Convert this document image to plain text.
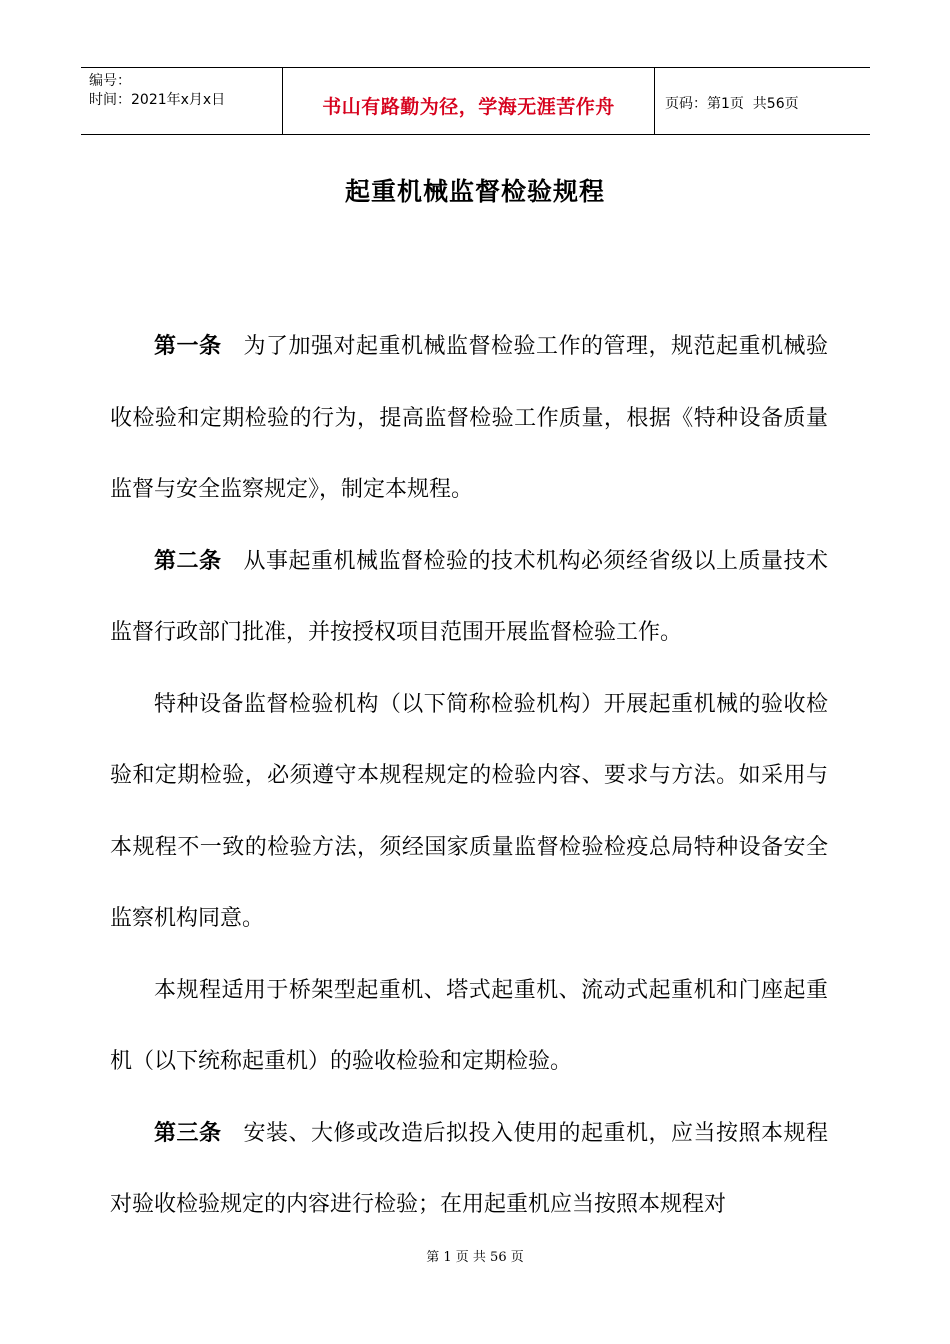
编号：
时间：2021年x月x日	书山有路勤为径，学海无涯苦作舟	页码：第1页  共56页
起重机械监督检验规程

第一条 为了加强对起重机械监督检验工作的管理，规范起重机械验收检验和定期检验的行为，提高监督检验工作质量，根据《特种设备质量监督与安全监察规定》，制定本规程。

第二条 从事起重机械监督检验的技术机构必须经省级以上质量技术监督行政部门批准，并按授权项目范围开展监督检验工作。

特种设备监督检验机构（以下简称检验机构）开展起重机械的验收检验和定期检验，必须遵守本规程规定的检验内容、要求与方法。如采用与本规程不一致的检验方法，须经国家质量监督检验检疫总局特种设备安全监察机构同意。

本规程适用于桥架型起重机、塔式起重机、流动式起重机和门座起重机（以下统称起重机）的验收检验和定期检验。

第三条 安装、大修或改造后拟投入使用的起重机，应当按照本规程对验收检验规定的内容进行检验；在用起重机应当按照本规程对

第 1 页 共 56 页
